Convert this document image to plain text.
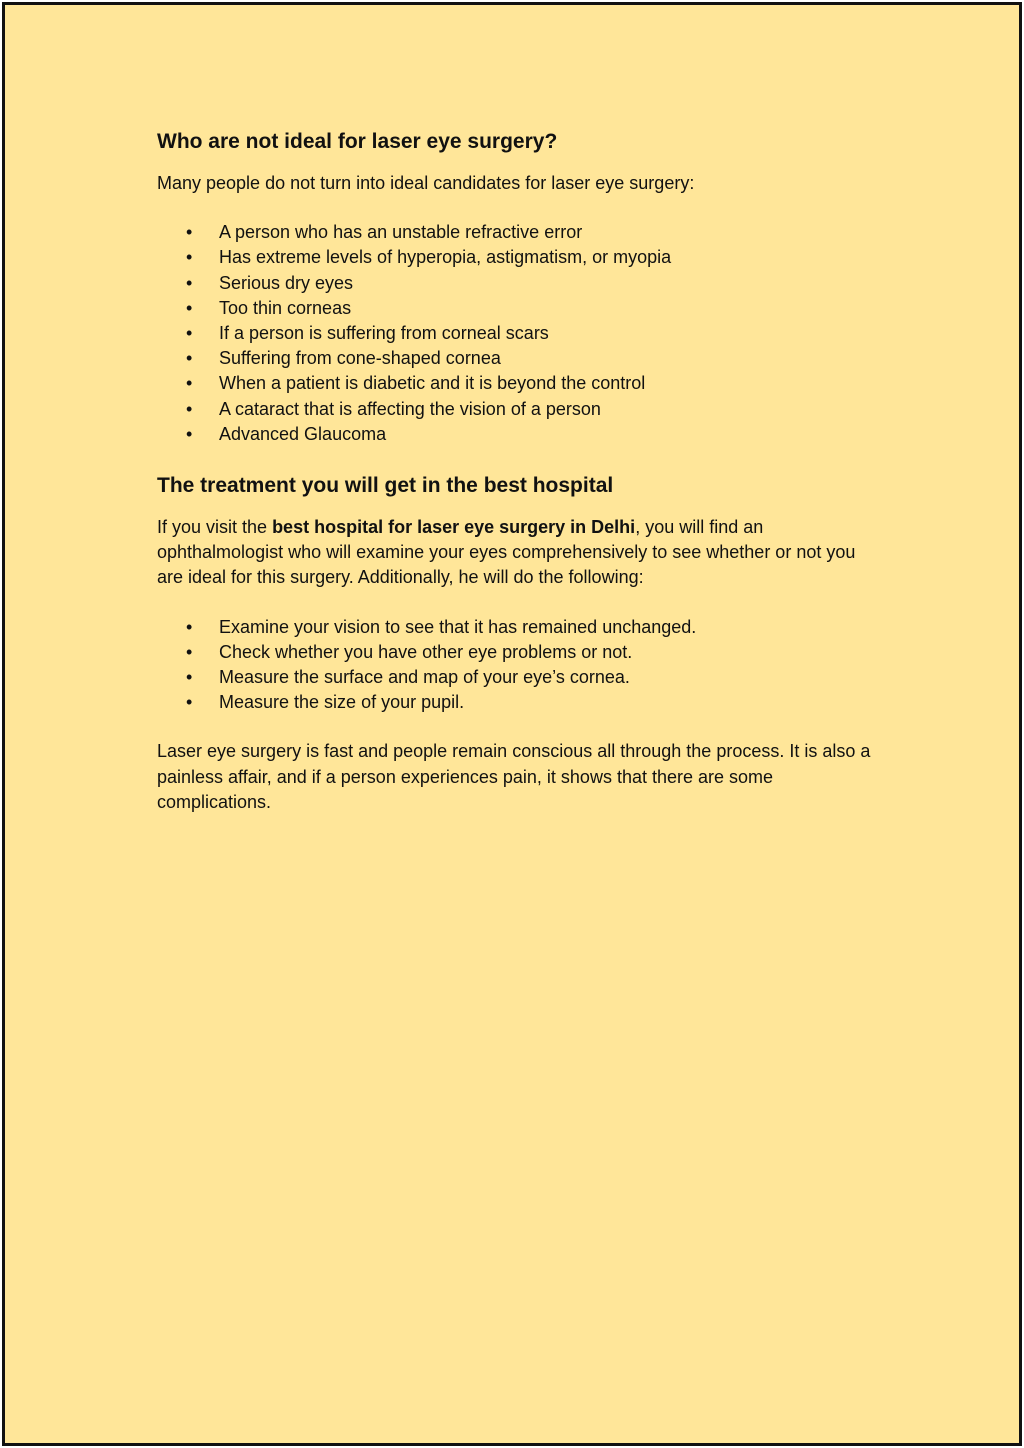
Who are not ideal for laser eye surgery?

Many people do not turn into ideal candidates for laser eye surgery:

• A person who has an unstable refractive error
• Has extreme levels of hyperopia, astigmatism, or myopia
• Serious dry eyes
• Too thin corneas
• If a person is suffering from corneal scars
• Suffering from cone-shaped cornea
• When a patient is diabetic and it is beyond the control
• A cataract that is affecting the vision of a person
• Advanced Glaucoma
The treatment you will get in the best hospital

If you visit the best hospital for laser eye surgery in Delhi, you will find an ophthalmologist who will examine your eyes comprehensively to see whether or not you are ideal for this surgery. Additionally, he will do the following:

• Examine your vision to see that it has remained unchanged.
• Check whether you have other eye problems or not.
• Measure the surface and map of your eye’s cornea.
• Measure the size of your pupil.

Laser eye surgery is fast and people remain conscious all through the process. It is also a painless affair, and if a person experiences pain, it shows that there are some complications.
